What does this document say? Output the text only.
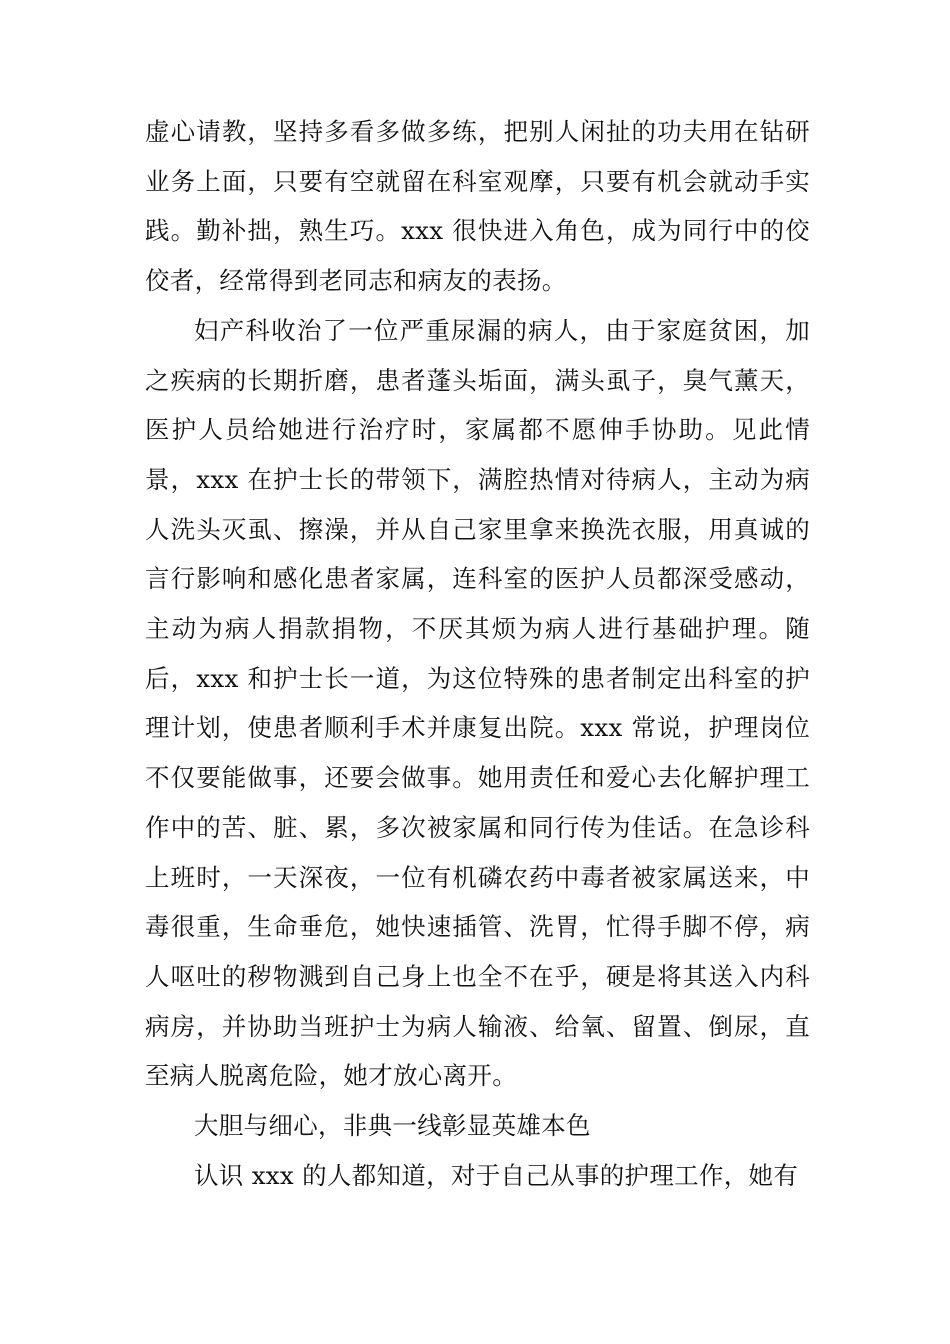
虚心请教，坚持多看多做多练，把别人闲扯的功夫用在钻研业务上面，只要有空就留在科室观摩，只要有机会就动手实践。勤补拙，熟生巧。xxx 很快进入角色，成为同行中的佼佼者，经常得到老同志和病友的表扬。

妇产科收治了一位严重尿漏的病人，由于家庭贫困，加之疾病的长期折磨，患者蓬头垢面，满头虱子，臭气薰天，医护人员给她进行治疗时，家属都不愿伸手协助。见此情景，xxx 在护士长的带领下，满腔热情对待病人，主动为病人洗头灭虱、擦澡，并从自己家里拿来换洗衣服，用真诚的言行影响和感化患者家属，连科室的医护人员都深受感动，主动为病人捐款捐物，不厌其烦为病人进行基础护理。随后，xxx 和护士长一道，为这位特殊的患者制定出科室的护理计划，使患者顺利手术并康复出院。xxx 常说，护理岗位不仅要能做事，还要会做事。她用责任和爱心去化解护理工作中的苦、脏、累，多次被家属和同行传为佳话。在急诊科上班时，一天深夜，一位有机磷农药中毒者被家属送来，中毒很重，生命垂危，她快速插管、洗胃，忙得手脚不停，病人呕吐的秽物溅到自己身上也全不在乎，硬是将其送入内科病房，并协助当班护士为病人输液、给氧、留置、倒尿，直至病人脱离危险，她才放心离开。

大胆与细心，非典一线彰显英雄本色

认识 xxx 的人都知道，对于自己从事的护理工作，她有
